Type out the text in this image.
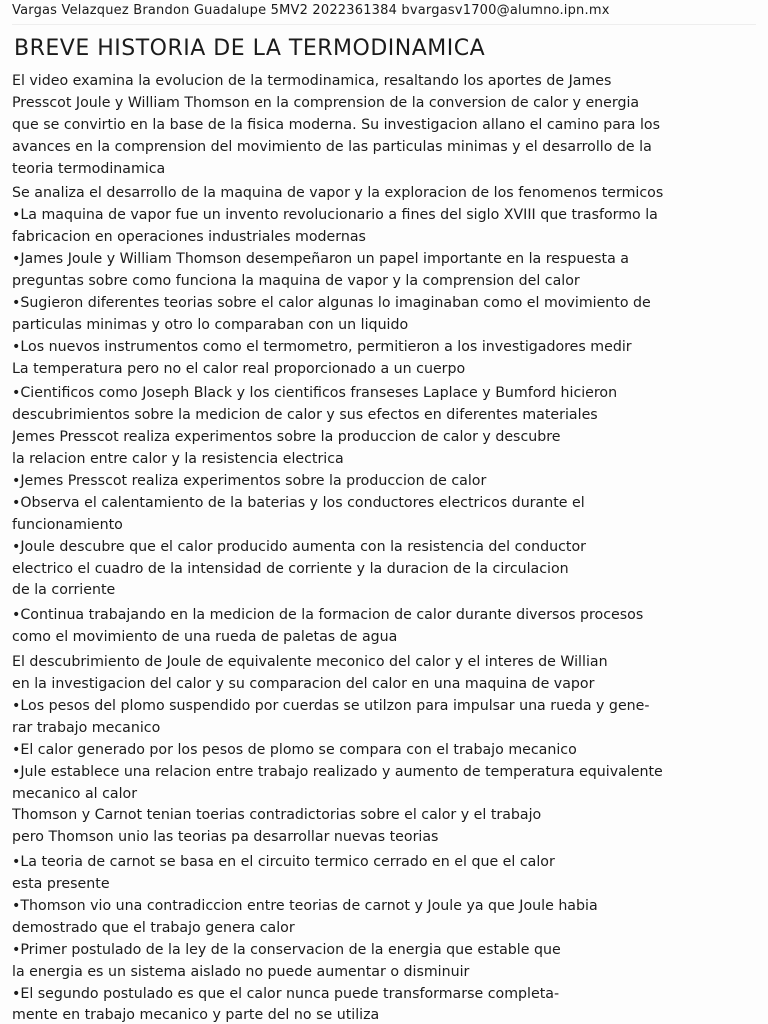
Vargas Velazquez Brandon Guadalupe 5MV2 2022361384 bvargasv1700@alumno.ipn.mx
BREVE HISTORIA DE LA TERMODINAMICA
El video examina la evolucion de la termodinamica, resaltando los aportes de James
Presscot Joule y William Thomson en la comprension de la conversion de calor y energia
que se convirtio en la base de la fisica moderna. Su investigacion allano el camino para los
avances en la comprension del movimiento de las particulas minimas y el desarrollo de la
teoria termodinamica
Se analiza el desarrollo de la maquina de vapor y la exploracion de los fenomenos termicos
•La maquina de vapor fue un invento revolucionario a fines del siglo XVIII que trasformo la
fabricacion en operaciones industriales modernas
•James Joule y William Thomson desempeñaron un papel importante en la respuesta a
preguntas sobre como funciona la maquina de vapor y la comprension del calor
•Sugieron diferentes teorias sobre el calor algunas lo imaginaban como el movimiento de
particulas minimas y otro lo comparaban con un liquido
•Los nuevos instrumentos como el termometro, permitieron a los investigadores medir
La temperatura pero no el calor real proporcionado a un cuerpo
•Cientificos como Joseph Black y los cientificos franseses Laplace y Bumford hicieron
descubrimientos sobre la medicion de calor y sus efectos en diferentes materiales
Jemes Presscot realiza experimentos sobre la produccion de calor y descubre
la relacion entre calor y la resistencia electrica
•Jemes Presscot realiza experimentos sobre la produccion de calor
•Observa el calentamiento de la baterias y los conductores electricos durante el
funcionamiento
•Joule descubre que el calor producido aumenta con la resistencia del conductor
electrico el cuadro de la intensidad de corriente y la duracion de la circulacion
de la corriente
•Continua trabajando en la medicion de la formacion de calor durante diversos procesos
como el movimiento de una rueda de paletas de agua
El descubrimiento de Joule de equivalente meconico del calor y el interes de Willian
en la investigacion del calor y su comparacion del calor en una maquina de vapor
•Los pesos del plomo suspendido por cuerdas se utilzon para impulsar una rueda y gene-
rar trabajo mecanico
•El calor generado por los pesos de plomo se compara con el trabajo mecanico
•Jule establece una relacion entre trabajo realizado y aumento de temperatura equivalente
mecanico al calor
Thomson y Carnot tenian toerias contradictorias sobre el calor y el trabajo
pero Thomson unio las teorias pa desarrollar nuevas teorias
•La teoria de carnot se basa en el circuito termico cerrado en el que el calor
esta presente
•Thomson vio una contradiccion entre teorias de carnot y Joule ya que Joule habia
demostrado que el trabajo genera calor
•Primer postulado de la ley de la conservacion de la energia que estable que
la energia es un sistema aislado no puede aumentar o disminuir
•El segundo postulado es que el calor nunca puede transformarse completa-
mente en trabajo mecanico y parte del no se utiliza
